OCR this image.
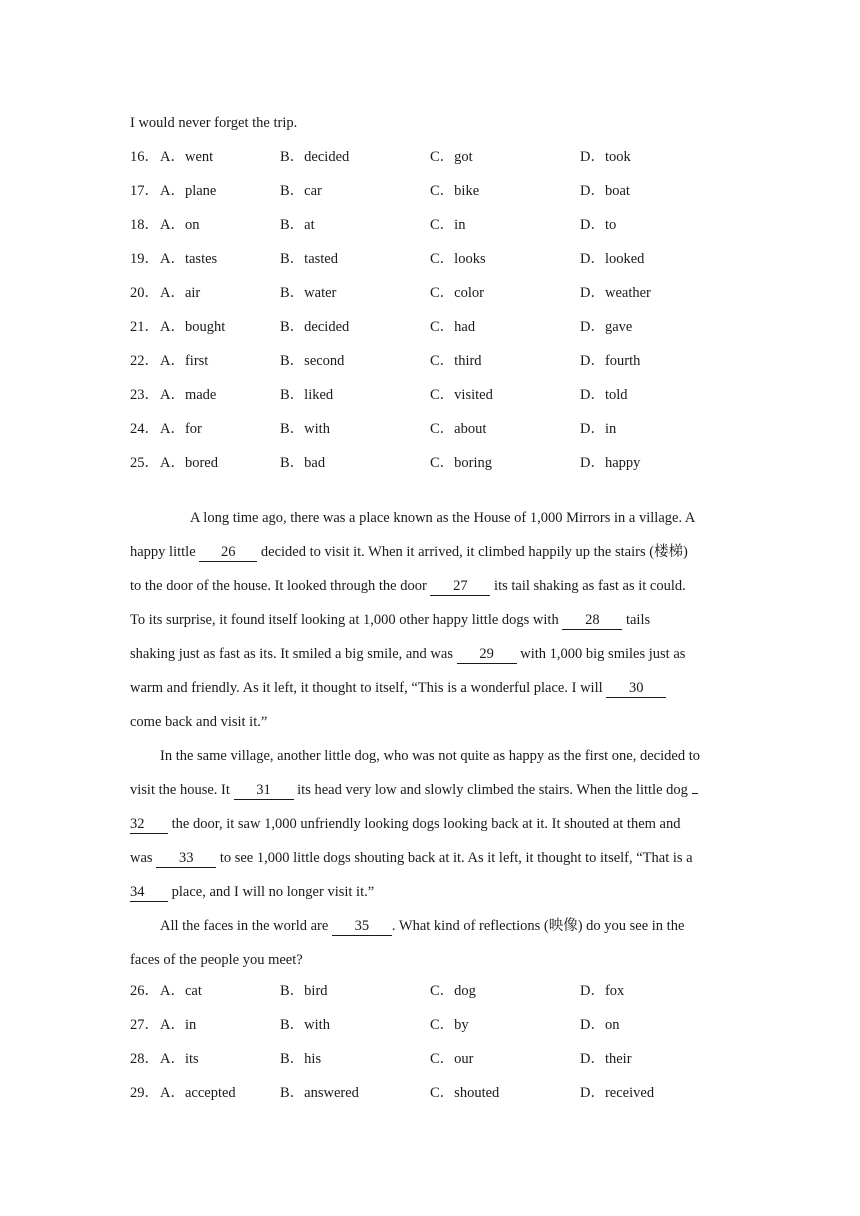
I would never forget the trip.
16． A．went	B．decided	C．got	D．took
17． A．plane	B．car	C．bike	D．boat
18． A．on	B．at	C．in	D．to
19． A．tastes	B．tasted	C．looks	D．looked
20． A．air	B．water	C．color	D．weather
21． A．bought	B．decided	C．had	D．gave
22． A．first	B．second	C．third	D．fourth
23． A．made	B．liked	C．visited	D．told
24． A．for	B．with	C．about	D．in
25． A．bored	B．bad	C．boring	D．happy
A long time ago, there was a place known as the House of 1,000 Mirrors in a village. A
happy little 26 decided to visit it. When it arrived, it climbed happily up the stairs (楼梯)
to the door of the house. It looked through the door 27 its tail shaking as fast as it could.
To its surprise, it found itself looking at 1,000 other happy little dogs with 28 tails
shaking just as fast as its. It smiled a big smile, and was 29 with 1,000 big smiles just as
warm and friendly. As it left, it thought to itself, “This is a wonderful place. I will 30
come back and visit it.”
In the same village, another little dog, who was not quite as happy as the first one, decided to
visit the house. It 31 its head very low and slowly climbed the stairs. When the little dog
32 the door, it saw 1,000 unfriendly looking dogs looking back at it. It shouted at them and
was 33 to see 1,000 little dogs shouting back at it. As it left, it thought to itself, “That is a
34 place, and I will no longer visit it.”
All the faces in the world are 35 . What kind of reflections (映像) do you see in the
faces of the people you meet?
26． A．cat	B．bird	C．dog	D．fox
27． A．in	B．with	C．by	D．on
28． A．its	B．his	C．our	D．their
29． A．accepted	B．answered	C．shouted	D．received
